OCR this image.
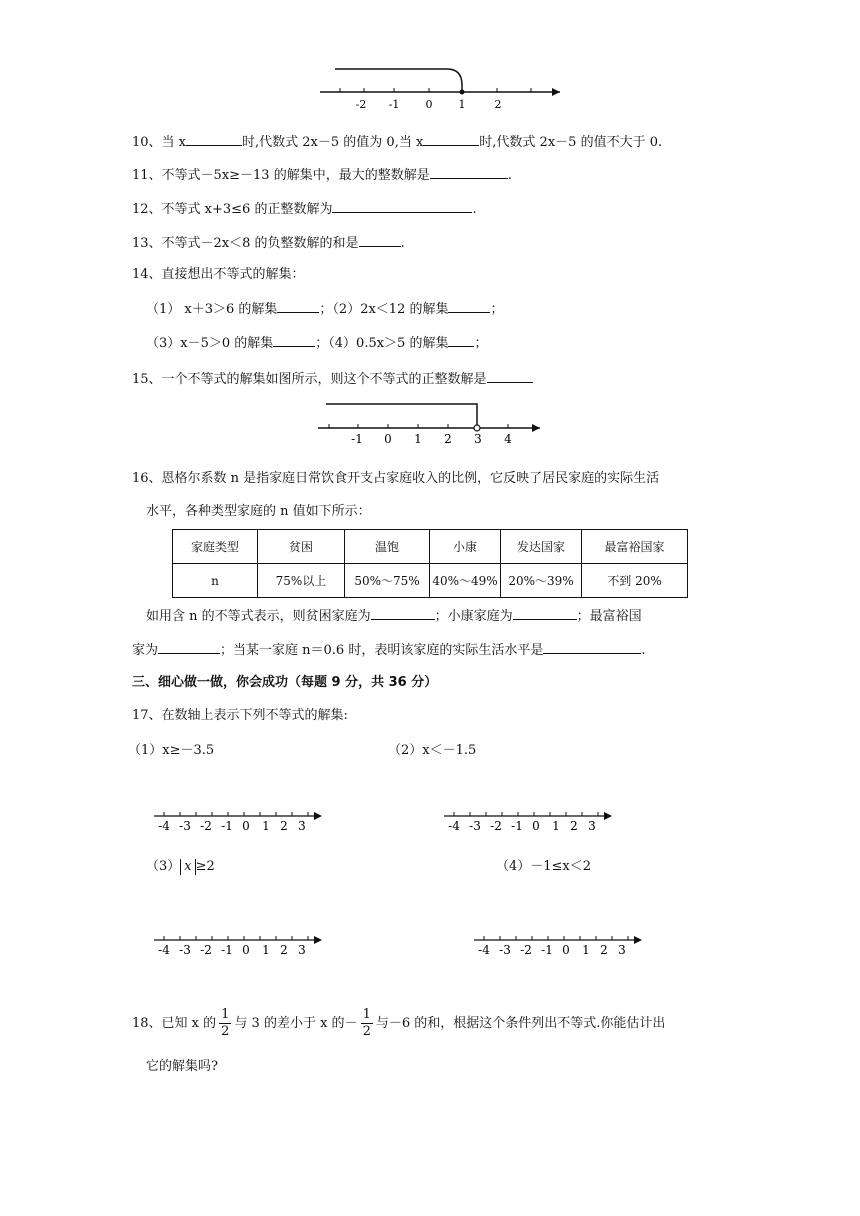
-2 -1 0 1	2
10、当 x	时,代数式 2x－5 的值为 0,当 x	时,代数式 2x－5 的值不大于 0.
11、不等式－5x≥－13 的解集中，最大的整数解是	.
12、不等式 x+3≤6 的正整数解为	.
13、不等式－2x＜8 的负整数解的和是	.
14、直接想出不等式的解集：
（1） x＋3＞6 的解集	；（2）2x＜12 的解集	；
（3）x－5＞0 的解集	；（4）0.5x＞5 的解集 ；
15、一个不等式的解集如图所示，则这个不等式的正整数解是
-1 0 1 2 3 4
16、恩格尔系数 n 是指家庭日常饮食开支占家庭收入的比例，它反映了居民家庭的实际生活
水平，各种类型家庭的 n 值如下所示：
家庭类型	贫困	温饱	小康	发达国家	最富裕国家
n	75%以上	50%～75%	40%～49%	20%～39%	不到 20%
如用含 n 的不等式表示，则贫困家庭为	；小康家庭为	；最富裕国
家为	；当某一家庭 n＝0.6 时，表明该家庭的实际生活水平是	.
三、细心做一做，你会成功（每题 9 分，共 36 分）
17、在数轴上表示下列不等式的解集:
（1）x≥－3.5	（2）x＜－1.5
-4 -3 -2 -1 0 1 2 3	-4 -3 -2 -1 0 1 2 3
（3） x ≥2	（4）－1≤x＜2
-4 -3 -2 -1 0 1 2 3	-4 -3 -2 -1 0 1 2 3
18、已知 x 的 $\frac{1}{2}$ 与 3 的差小于 x 的－ $\frac{1}{2}$ 与－6 的和，根据这个条件列出不等式.你能估计出
它的解集吗?
